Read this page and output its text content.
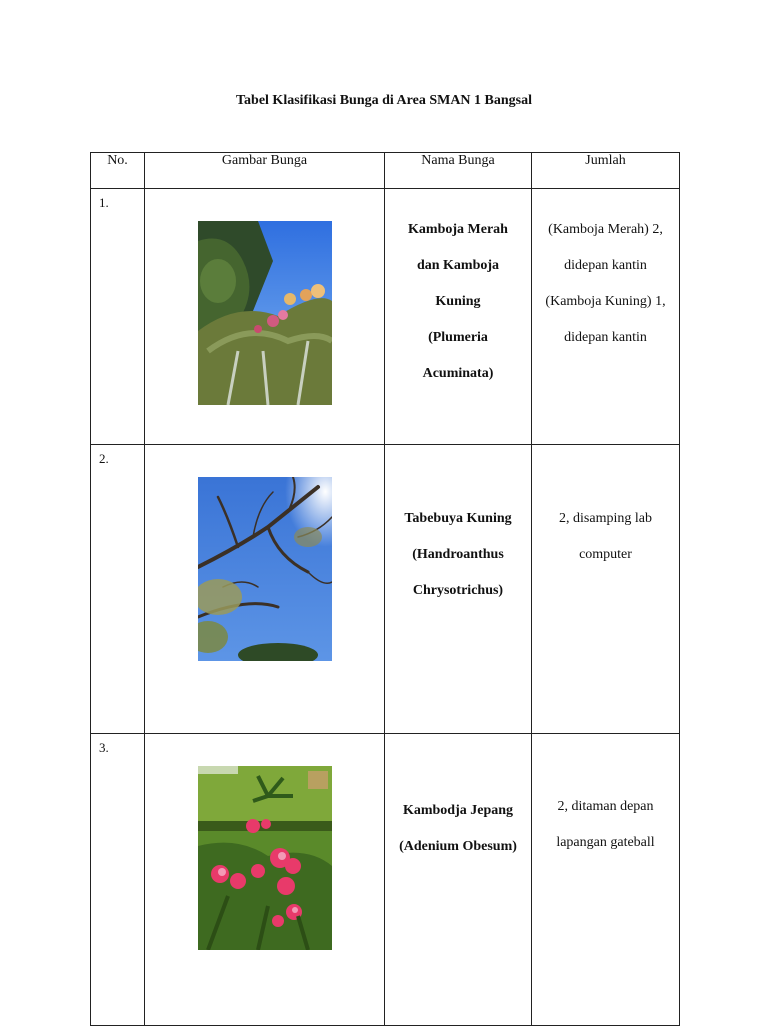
Tabel Klasifikasi Bunga di Area SMAN 1 Bangsal
No.	Gambar Bunga	Nama Bunga	Jumlah
1.		Kamboja Merah
dan Kamboja
Kuning
(Plumeria
Acuminata)	(Kamboja Merah) 2,
didepan kantin
(Kamboja Kuning) 1,
didepan kantin

2.		Tabebuya Kuning
(Handroanthus
Chrysotrichus)	2, disamping lab
computer

3.		Kambodja Jepang
(Adenium Obesum)	2, ditaman depan
lapangan gateball
